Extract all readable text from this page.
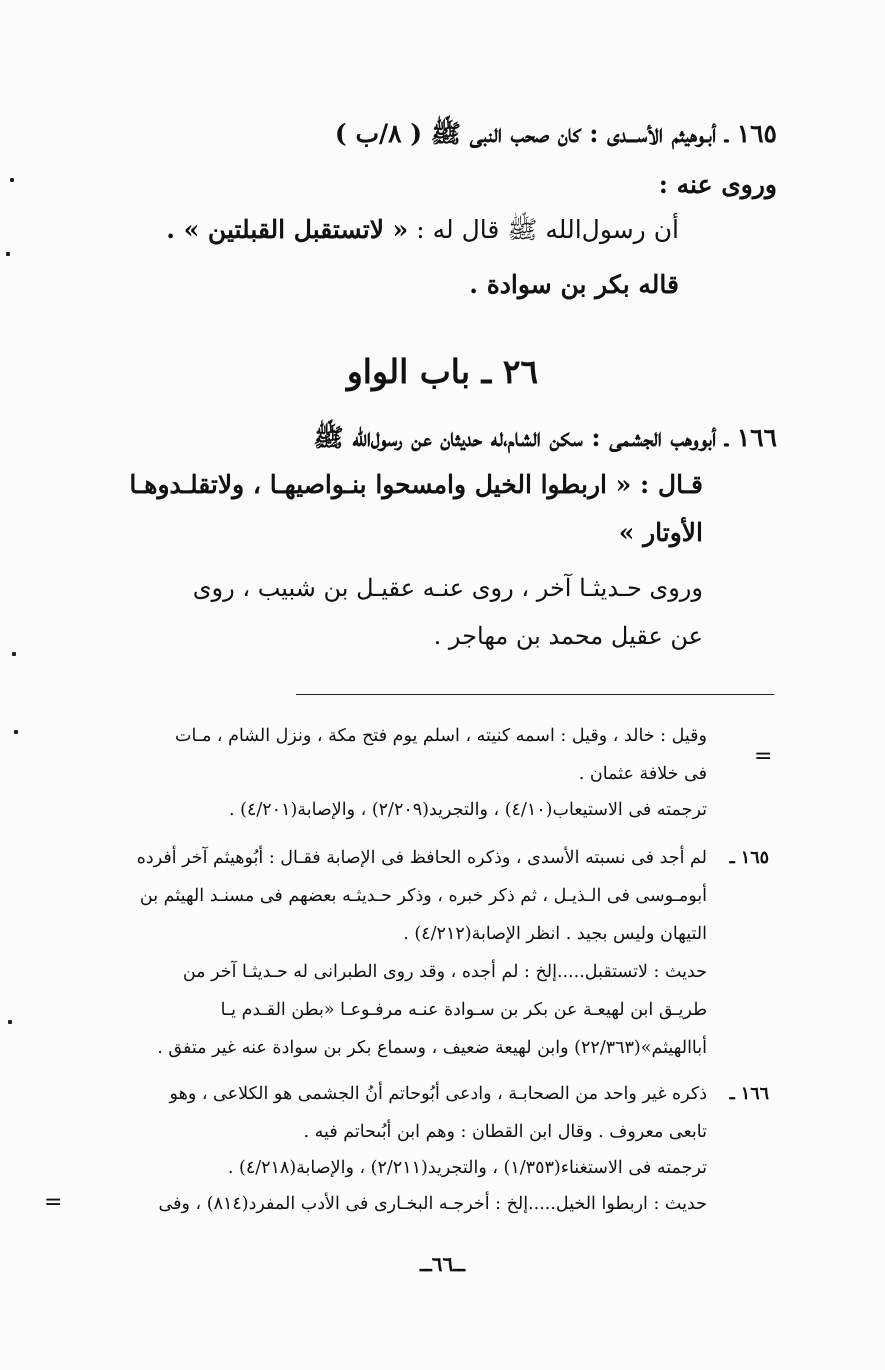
١٦٥ ـ أبـوهيثم الأســـدى : كان صحب النبى ﷺ ( ٨/ب )
وروى عنه :
أن رسول‌الله ﷺ قال له : « لاتستقبل القبلتين » .
قاله بكر بن سوادة .
٢٦ ـ باب الواو
١٦٦ ـ أبووهب الجشمى : سكن الشام،له حديثان عن رسول‌الله ﷺ
قـال : « اربطوا الخيل وامسحوا بنـواصيهـا ، ولاتقلـدوهـا
الأوتار »
وروى حـديثـا آخر ، روى عنـه عقيـل بن شبيب ، روى
عن عقيل محمد بن مهاجر .
وقيل : خالد ، وقيل : اسمه كنيته ، اسلم يوم فتح مكة ، ونزل الشام ، مـات
فى خلافة عثمان .
ترجمته فى الاستيعاب(٤/١٠) ، والتجريد(٢/٢٠٩) ، والإصابة(٤/٢٠١) .
١٦٥ ـ
لم أجد فى نسبته الأسدى ، وذكره الحافظ فى الإصابة فقـال : أبُوهيثم آخر أفرده
أبومـوسى فى الـذيـل ، ثم ذكر خبره ، وذكر حـديثـه بعضهم فى مسنـد الهيثم بن
التيهان وليس بجيد . انظر الإصابة(٤/٢١٢) .
حديث : لاتستقبل.....إلخ : لم أجده ، وقد روى الطبرانى له حـديثـا آخر من
طريـق ابن لهيعـة عن بكر بن سـوادة عنـه مرفـوعـا «بطن القـدم يـا
أباالهيثم»(٢٢/٣٦٣) وابن لهيعة ضعيف ، وسماع بكر بن سوادة عنه غير متفق .
١٦٦ ـ
ذكره غير واحد من الصحابـة ، وادعى أبُوحاتم أنُ الجشمى هو الكلاعى ، وهو
تابعى معروف . وقال ابن القطان : وهم ابن أبُىحاتم فيه .
ترجمته فى الاستغناء(١/٣٥٣) ، والتجريد(٢/٢١١) ، والإصابة(٤/٢١٨) .
حديث : اربطوا الخيل.....إلخ : أخرجـه البخـارى فى الأدب المفرد(٨١٤) ، وفى
=
=
ــ٦٦ــ
